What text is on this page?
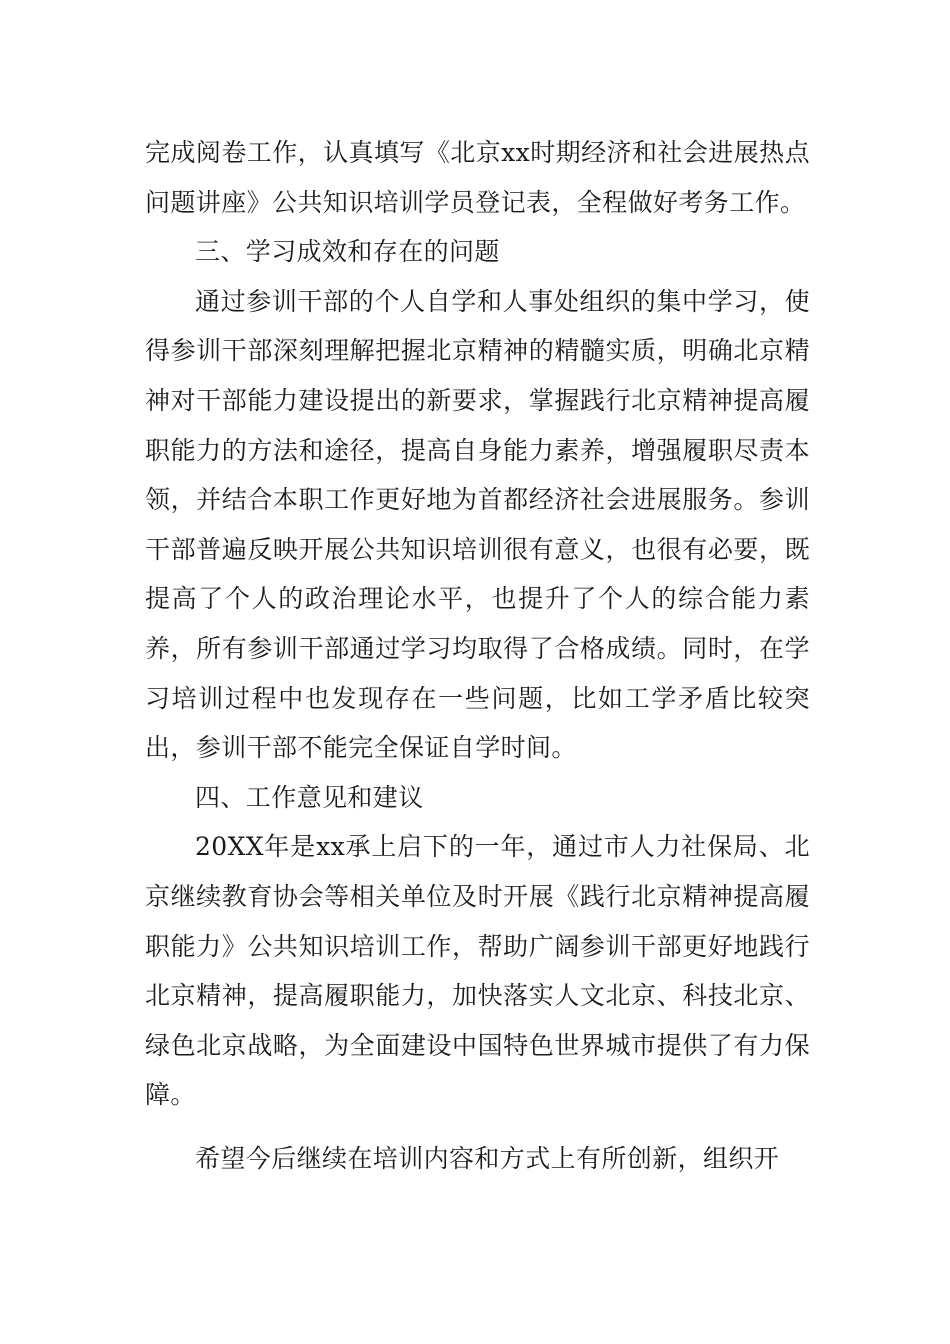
完成阅卷工作，认真填写《北京xx时期经济和社会进展热点问题讲座》公共知识培训学员登记表，全程做好考务工作。

三、学习成效和存在的问题

通过参训干部的个人自学和人事处组织的集中学习，使得参训干部深刻理解把握北京精神的精髓实质，明确北京精神对干部能力建设提出的新要求，掌握践行北京精神提高履职能力的方法和途径，提高自身能力素养，增强履职尽责本领，并结合本职工作更好地为首都经济社会进展服务。参训干部普遍反映开展公共知识培训很有意义，也很有必要，既提高了个人的政治理论水平，也提升了个人的综合能力素养，所有参训干部通过学习均取得了合格成绩。同时，在学习培训过程中也发现存在一些问题，比如工学矛盾比较突出，参训干部不能完全保证自学时间。

四、工作意见和建议

20XX年是xx承上启下的一年，通过市人力社保局、北京继续教育协会等相关单位及时开展《践行北京精神提高履职能力》公共知识培训工作，帮助广阔参训干部更好地践行北京精神，提高履职能力，加快落实人文北京、科技北京、绿色北京战略，为全面建设中国特色世界城市提供了有力保障。

希望今后继续在培训内容和方式上有所创新，组织开
